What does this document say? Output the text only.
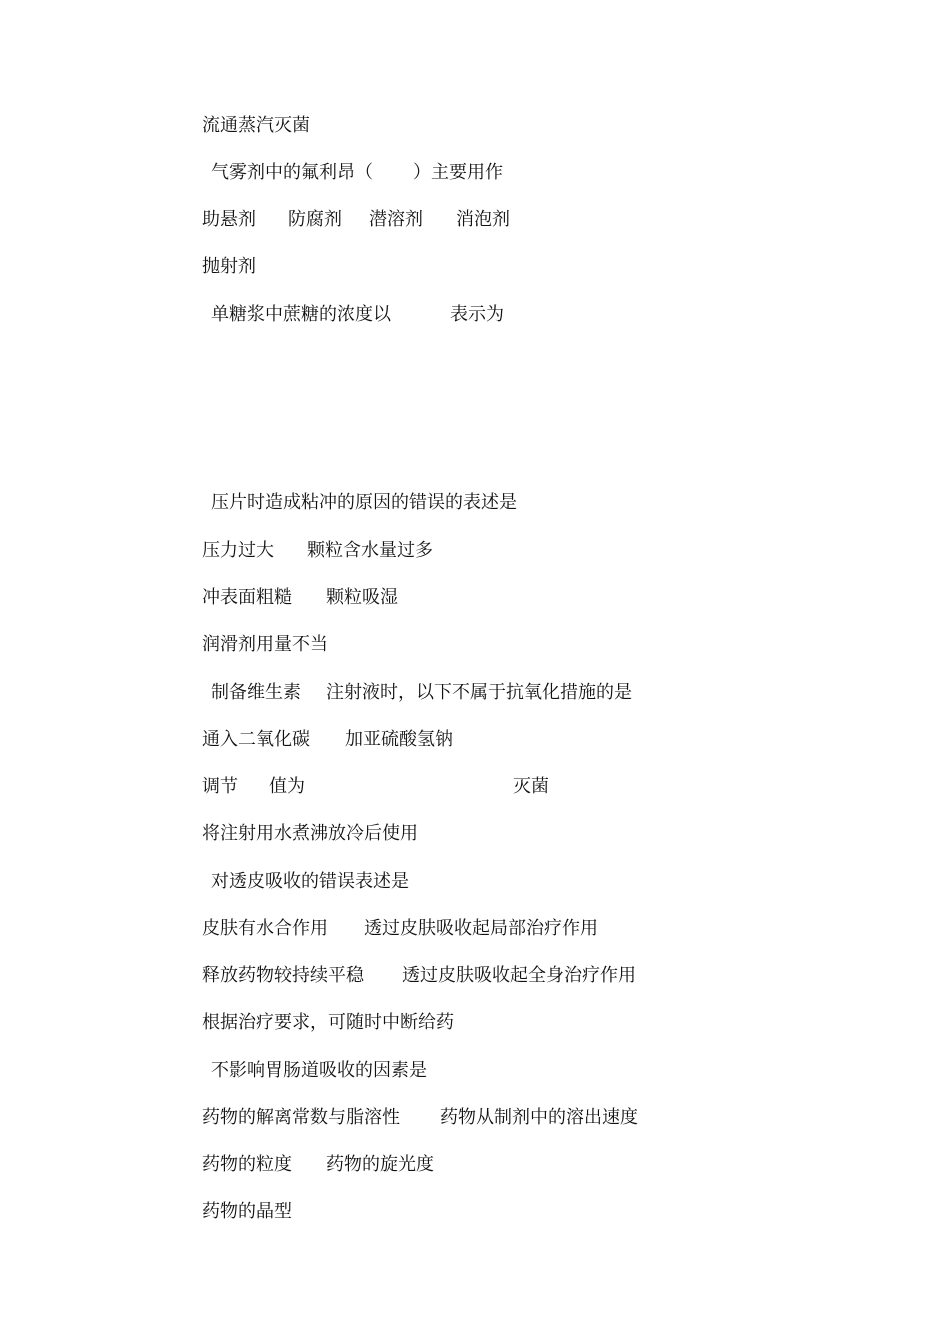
流通蒸汽灭菌
气雾剂中的氟利昂（ ）主要用作
助悬剂 防腐剂 潜溶剂 消泡剂
抛射剂
单糖浆中蔗糖的浓度以	表示为
压片时造成粘冲的原因的错误的表述是
压力过大 颗粒含水量过多
冲表面粗糙 颗粒吸湿
润滑剂用量不当
制备维生素 注射液时，以下不属于抗氧化措施的是
通入二氧化碳 加亚硫酸氢钠
调节 值为	灭菌
将注射用水煮沸放冷后使用
对透皮吸收的错误表述是
皮肤有水合作用 透过皮肤吸收起局部治疗作用
释放药物较持续平稳 透过皮肤吸收起全身治疗作用
根据治疗要求，可随时中断给药
不影响胃肠道吸收的因素是
药物的解离常数与脂溶性 药物从制剂中的溶出速度
药物的粒度 药物的旋光度
药物的晶型
